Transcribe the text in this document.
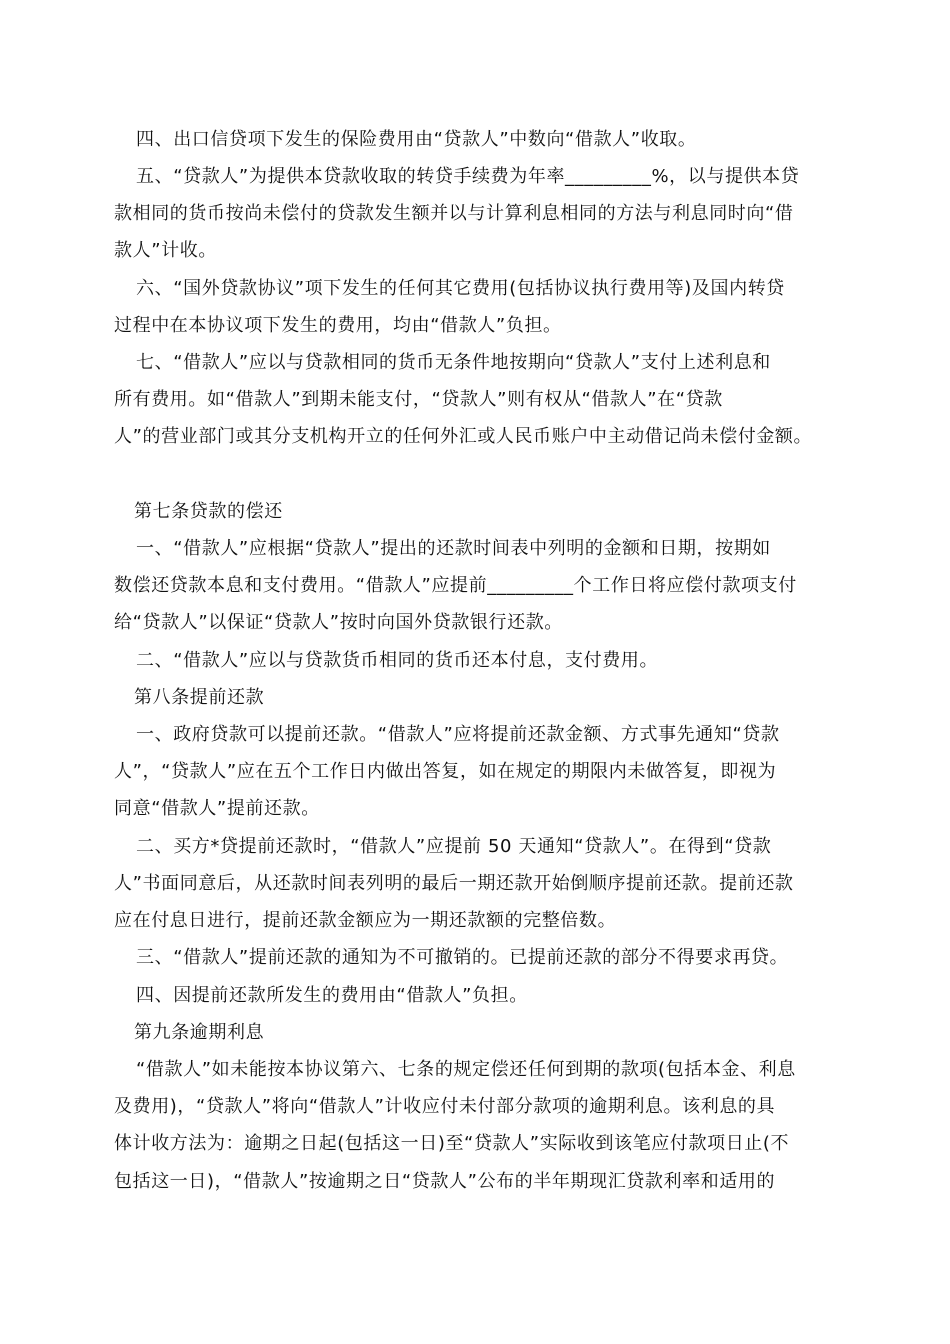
四、出口信贷项下发生的保险费用由“贷款人”中数向“借款人”收取。
五、“贷款人”为提供本贷款收取的转贷手续费为年率_________%，以与提供本贷
款相同的货币按尚未偿付的贷款发生额并以与计算利息相同的方法与利息同时向“借
款人”计收。
六、“国外贷款协议”项下发生的任何其它费用(包括协议执行费用等)及国内转贷
过程中在本协议项下发生的费用，均由“借款人”负担。
七、“借款人”应以与贷款相同的货币无条件地按期向“贷款人”支付上述利息和
所有费用。如“借款人”到期未能支付，“贷款人”则有权从“借款人”在“贷款
人”的营业部门或其分支机构开立的任何外汇或人民币账户中主动借记尚未偿付金额。
第七条贷款的偿还
一、“借款人”应根据“贷款人”提出的还款时间表中列明的金额和日期，按期如
数偿还贷款本息和支付费用。“借款人”应提前_________个工作日将应偿付款项支付
给“贷款人”以保证“贷款人”按时向国外贷款银行还款。
二、“借款人”应以与贷款货币相同的货币还本付息，支付费用。
第八条提前还款
一、政府贷款可以提前还款。“借款人”应将提前还款金额、方式事先通知“贷款
人”，“贷款人”应在五个工作日内做出答复，如在规定的期限内未做答复，即视为
同意“借款人”提前还款。
二、买方*贷提前还款时，“借款人”应提前 50 天通知“贷款人”。在得到“贷款
人”书面同意后，从还款时间表列明的最后一期还款开始倒顺序提前还款。提前还款
应在付息日进行，提前还款金额应为一期还款额的完整倍数。
三、“借款人”提前还款的通知为不可撤销的。已提前还款的部分不得要求再贷。
四、因提前还款所发生的费用由“借款人”负担。
第九条逾期利息
“借款人”如未能按本协议第六、七条的规定偿还任何到期的款项(包括本金、利息
及费用)，“贷款人”将向“借款人”计收应付未付部分款项的逾期利息。该利息的具
体计收方法为：逾期之日起(包括这一日)至“贷款人”实际收到该笔应付款项日止(不
包括这一日)，“借款人”按逾期之日“贷款人”公布的半年期现汇贷款利率和适用的
